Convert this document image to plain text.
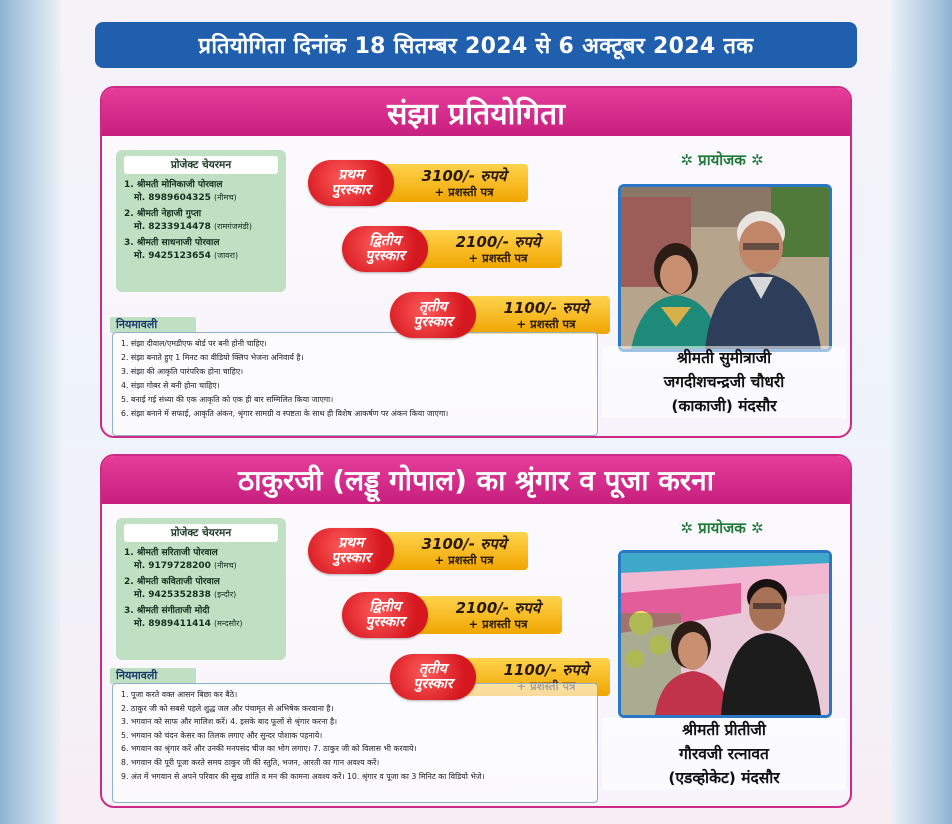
प्रतियोगिता दिनांक 18 सितम्बर 2024 से 6 अक्टूबर 2024 तक
संझा प्रतियोगिता
प्रोजेक्ट चेयरमन
1. श्रीमती मोनिकाजी पोरवाल
मो. 8989604325 (नीमच)
2. श्रीमती नेहाजी गुप्ता
मो. 8233914478 (रामगंजमंडी)
3. श्रीमती साधनाजी पोरवाल
मो. 9425123654 (जावरा)
प्रथम
पुरस्कार
3100/- रुपये
+ प्रशस्ती पत्र
द्वितीय
पुरस्कार
2100/- रुपये
+ प्रशस्ती पत्र
तृतीय
पुरस्कार
1100/- रुपये
+ प्रशस्ती पत्र
नियमावली
1. संझा दीवाल/एमडीएफ बोर्ड पर बनी होनी चाहिए।
2. संझा बनाते हुए 1 मिनट का वीडियो क्लिप भेजना अनिवार्य है।
3. संझा की आकृति पारंपरिक होना चाहिए।
4. संझा गोबर से बनी होना चाहिए।
5. बनाई गई संध्या की एक आकृति को एक ही बार सम्मिलित किया जाएगा।
6. संझा बनाने में सफाई, आकृति अंकन, श्रृंगार सामग्री व स्पष्टता के साथ ही विशेष आकर्षण पर अंकन किया जाएगा।
✲ प्रायोजक ✲
श्रीमती सुमीत्राजी
जगदीशचन्द्रजी चौधरी
(काकाजी) मंदसौर
ठाकुरजी (लड्डू गोपाल) का श्रृंगार व पूजा करना
प्रोजेक्ट चेयरमन
1. श्रीमती सरिताजी पोरवाल
मो. 9179728200 (नीमच)
2. श्रीमती कविताजी पोरवाल
मो. 9425352838 (इन्दौर)
3. श्रीमती संगीताजी मोदी
मो. 8989411414 (मन्दसौर)
प्रथम
पुरस्कार
3100/- रुपये
+ प्रशस्ती पत्र
द्वितीय
पुरस्कार
2100/- रुपये
+ प्रशस्ती पत्र
तृतीय
पुरस्कार
1100/- रुपये
नियमावली
1. पूजा करते वक्त आसन बिछा कर बैठे।
2. ठाकुर जी को सबसे पहले शुद्ध जल और पंचामृत से अभिषेक करवाना है।
3. भगवान को साफ और मालिश करें। 4. इसके बाद फूलों से श्रृंगार करना है।
5. भगवान को चंदन केसर का तिलक लगाए और सुन्दर पोशाक पहनाये।
6. भगवान का श्रृंगार करें और उनकी मनपसंद चीज का भोग लगाए। 7. ठाकुर जी को विलास भी करवाये।
8. भगवान की पूरी पूजा करते समय ठाकुर जी की स्तुति, भजन, आरती का गान अवश्य करें।
9. अंत में भगवान से अपने परिवार की सुख शांति व मन की कामना अवश्य करें। 10. श्रृंगार व पूजा का 3 मिनिट का विडियो भेजे।
✲ प्रायोजक ✲
श्रीमती प्रीतीजी
गौरवजी रत्नावत
(एडव्होकेट) मंदसौर
